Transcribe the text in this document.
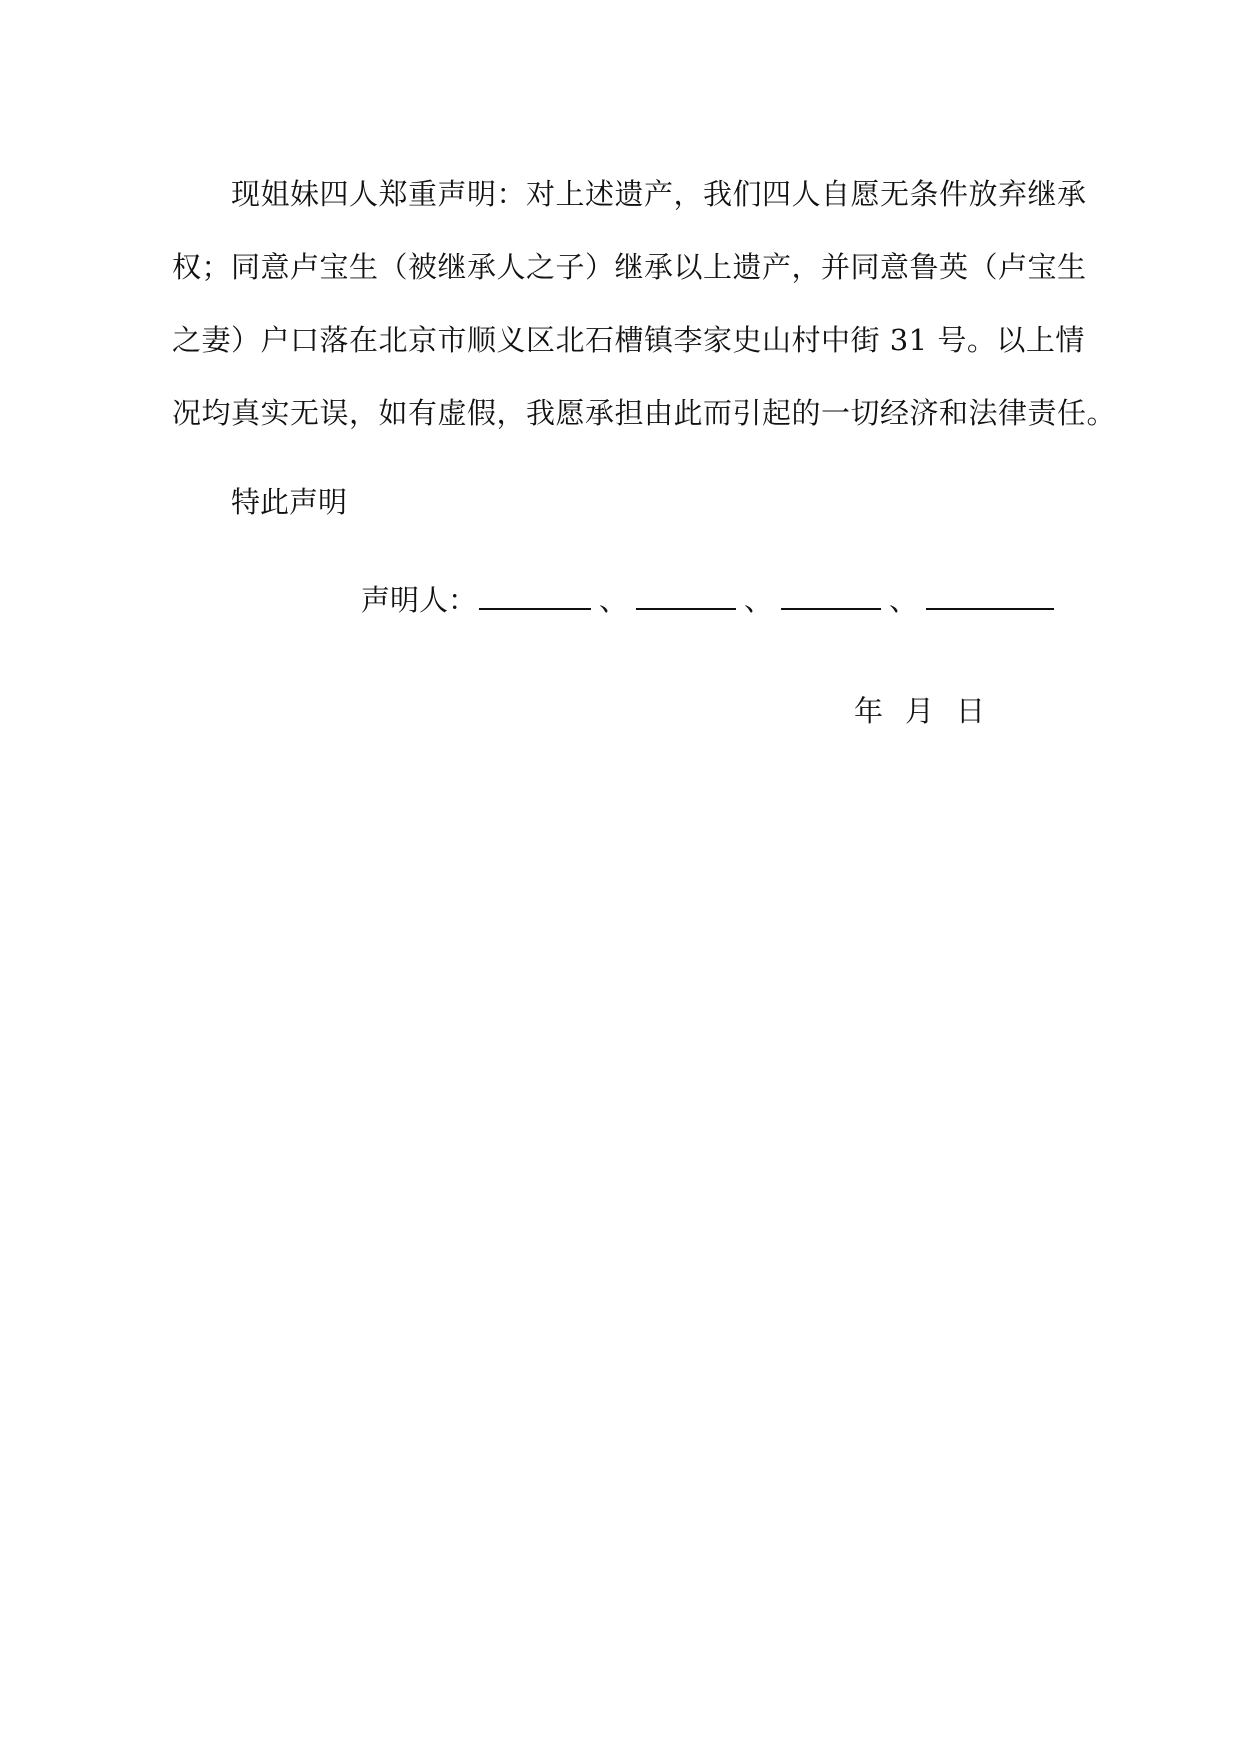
现姐妹四人郑重声明：对上述遗产，我们四人自愿无条件放弃继承
权；同意卢宝生（被继承人之子）继承以上遗产，并同意鲁英（卢宝生
之妻）户口落在北京市顺义区北石槽镇李家史山村中街 31 号。以上情
况均真实无误，如有虚假，我愿承担由此而引起的一切经济和法律责任。
特此声明
声明人：	、	、	、
年 月 日
